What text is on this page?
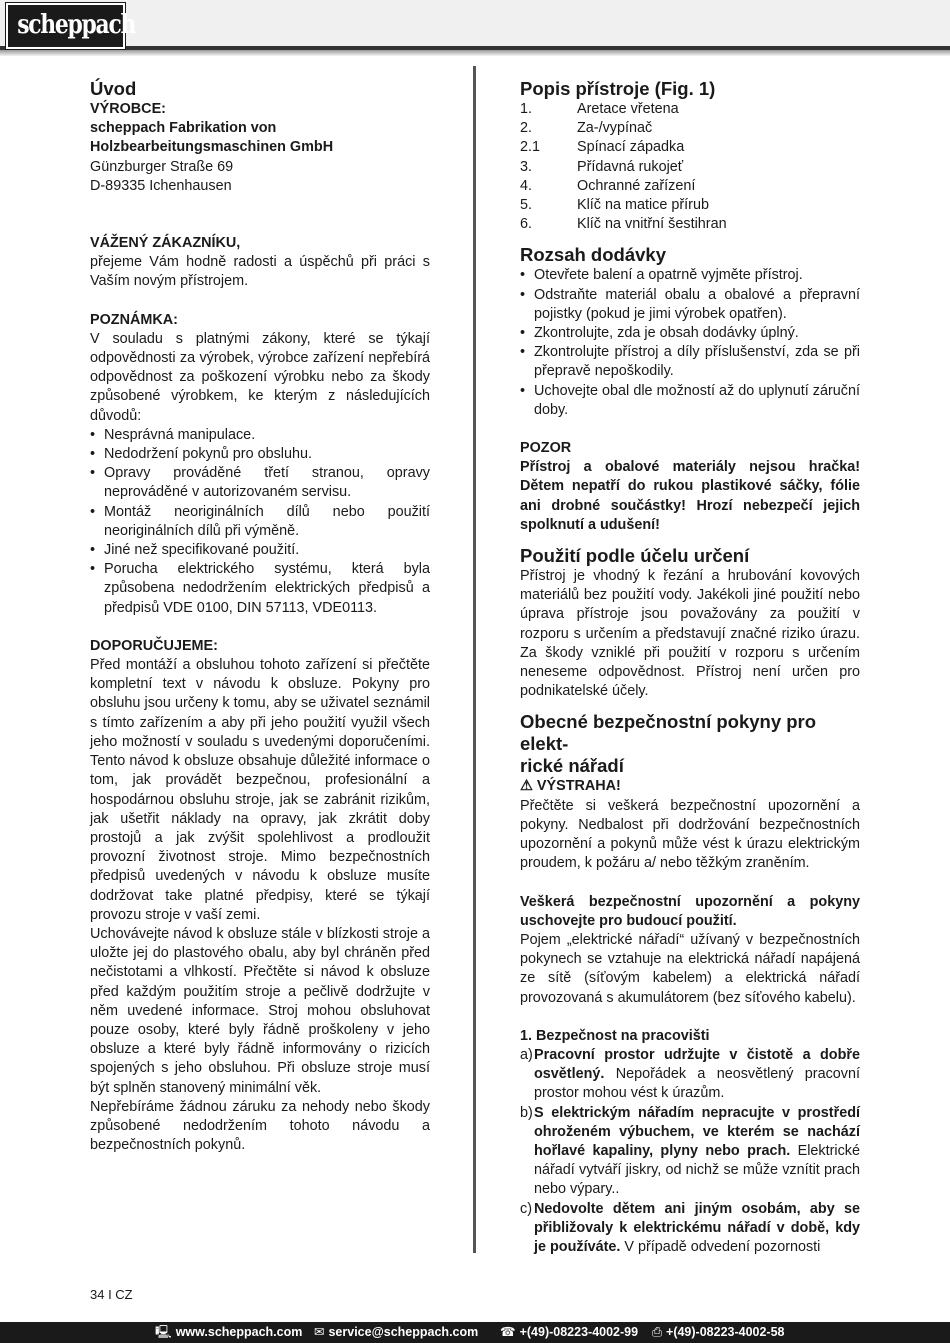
scheppach
Úvod

VÝROBCE:

scheppach Fabrikation von

Holzbearbeitungsmaschinen GmbH

Günzburger Straße 69

D-89335 Ichenhausen

VÁŽENÝ ZÁKAZNÍKU,

přejeme Vám hodně radosti a úspěchů při práci s Vaším novým přístrojem.

POZNÁMKA:

V souladu s platnými zákony, které se týkají odpovědnosti za výrobek, výrobce zařízení nepřebírá odpovědnost za poškození výrobku nebo za škody způsobené výrobkem, ke kterým z následujících důvodů:

• Nesprávná manipulace.
• Nedodržení pokynů pro obsluhu.
• Opravy prováděné třetí stranou, opravy neprováděné v autorizovaném servisu.
• Montáž neoriginálních dílů nebo použití neoriginálních dílů při výměně.
• Jiné než specifikované použití.
• Porucha elektrického systému, která byla způsobena nedodržením elektrických předpisů a předpisů VDE 0100, DIN 57113, VDE0113.

DOPORUČUJEME:

Před montáží a obsluhou tohoto zařízení si přečtěte kompletní text v návodu k obsluze. Pokyny pro obsluhu jsou určeny k tomu, aby se uživatel seznámil s tímto zařízením a aby při jeho použití využil všech jeho možností v souladu s uvedenými doporučeními. Tento návod k obsluze obsahuje důležité informace o tom, jak provádět bezpečnou, profesionální a hospodárnou obsluhu stroje, jak se zabránit rizikům, jak ušetřit náklady na opravy, jak zkrátit doby prostojů a jak zvýšit spolehlivost a prodloužit provozní životnost stroje. Mimo bezpečnostních předpisů uvedených v návodu k obsluze musíte dodržovat take platné předpisy, které se týkají provozu stroje v vaší zemi.

Uchovávejte návod k obsluze stále v blízkosti stroje a uložte jej do plastového obalu, aby byl chráněn před nečistotami a vlhkostí. Přečtěte si návod k obsluze před každým použitím stroje a pečlivě dodržujte v něm uvedené informace. Stroj mohou obsluhovat pouze osoby, které byly řádně proškoleny v jeho obsluze a které byly řádně informovány o rizicích spojených s jeho obsluhou. Při obsluze stroje musí být splněn stanovený minimální věk.

Nepřebíráme žádnou záruku za nehody nebo škody způsobené nedodržením tohoto návodu a bezpečnostních pokynů.

Popis přístroje (Fig. 1)
1.	Aretace vřetena
2.	Za-/vypínač
2.1	Spínací západka
3.	Přídavná rukojeť
4.	Ochranné zařízení
5.	Klíč na matice přírub
6.	Klíč na vnitřní šestihran
Rozsah dodávky
• Otevřete balení a opatrně vyjměte přístroj.
• Odstraňte materiál obalu a obalové a přepravní pojistky (pokud je jimi výrobek opatřen).
• Zkontrolujte, zda je obsah dodávky úplný.
• Zkontrolujte přístroj a díly příslušenství, zda se při přepravě nepoškodily.
• Uchovejte obal dle možností až do uplynutí záruční doby.

POZOR

Přístroj a obalové materiály nejsou hračka! Dětem nepatří do rukou plastikové sáčky, fólie ani drobné součástky! Hrozí nebezpečí jejich spolknutí a udušení!

Použití podle účelu určení

Přístroj je vhodný k řezání a hrubování kovových materiálů bez použití vody. Jakékoli jiné použití nebo úprava přístroje jsou považovány za použití v rozporu s určením a představují značné riziko úrazu. Za škody vzniklé při použití v rozporu s určením neneseme odpovědnost. Přístroj není určen pro podnikatelské účely.

Obecné bezpečnostní pokyny pro elekt-
rické nářadí

⚠ VÝSTRAHA!

Přečtěte si veškerá bezpečnostní upozornění a pokyny. Nedbalost při dodržování bezpečnostních upozornění a pokynů může vést k úrazu elektrickým proudem, k požáru a/ nebo těžkým zraněním.

Veškerá bezpečnostní upozornění a pokyny uschovejte pro budoucí použití.

Pojem „elektrické nářadí“ užívaný v bezpečnostních pokynech se vztahuje na elektrická nářadí napájená ze sítě (síťovým kabelem) a elektrická nářadí provozovaná s akumulátorem (bez síťového kabelu).

1. Bezpečnost na pracovišti

a) Pracovní prostor udržujte v čistotě a dobře osvětlený. Nepořádek a neosvětlený pracovní prostor mohou vést k úrazům.
b) S elektrickým nářadím nepracujte v prostředí ohroženém výbuchem, ve kterém se nachází hořlavé kapaliny, plyny nebo prach. Elektrické nářadí vytváří jiskry, od nichž se může vznítit prach nebo výpary..
c) Nedovolte dětem ani jiným osobám, aby se přibližovaly k elektrickému nářadí v době, kdy je používáte. V případě odvedení pozornosti
34 I CZ
🖳 www.scheppach.com ✉ service@scheppach.com ☎ +(49)-08223-4002-99 ⎙ +(49)-08223-4002-58
